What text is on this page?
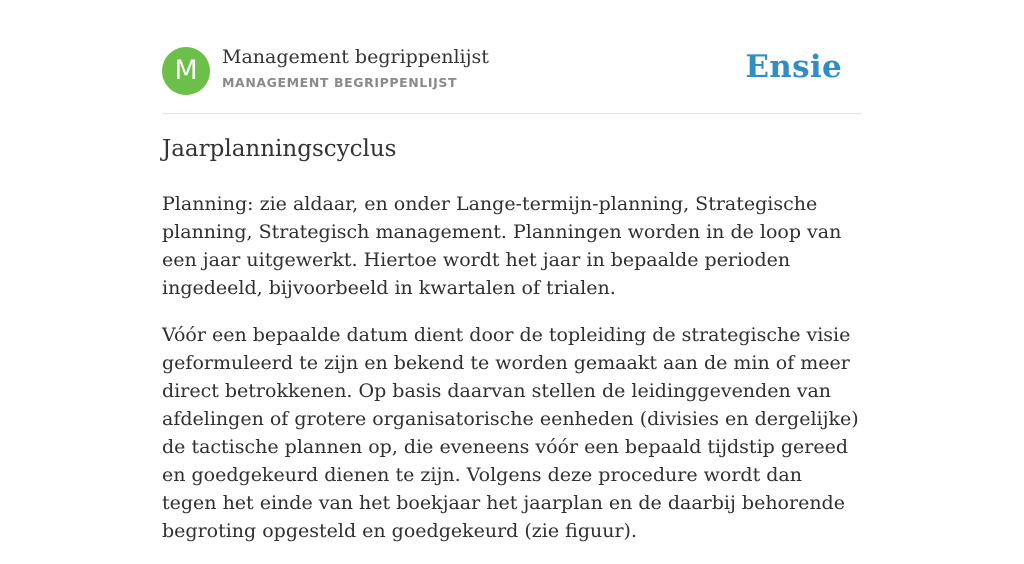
M	Management begrippenlijst
MANAGEMENT BEGRIPPENLIJST	Ensie
Jaarplanningscyclus

Planning: zie aldaar, en onder Lange-termijn-planning, Strategische planning, Strategisch management. Planningen worden in de loop van een jaar uitgewerkt. Hiertoe wordt het jaar in bepaalde perioden ingedeeld, bijvoorbeeld in kwartalen of trialen.

Vóór een bepaalde datum dient door de topleiding de strategische visie geformuleerd te zijn en bekend te worden gemaakt aan de min of meer direct betrokkenen. Op basis daarvan stellen de leidinggevenden van afdelingen of grotere organisatorische eenheden (divisies en dergelijke) de tactische plannen op, die eveneens vóór een bepaald tijdstip gereed en goedgekeurd dienen te zijn. Volgens deze procedure wordt dan tegen het einde van het boekjaar het jaarplan en de daarbij behorende begroting opgesteld en goedgekeurd (zie figuur).
